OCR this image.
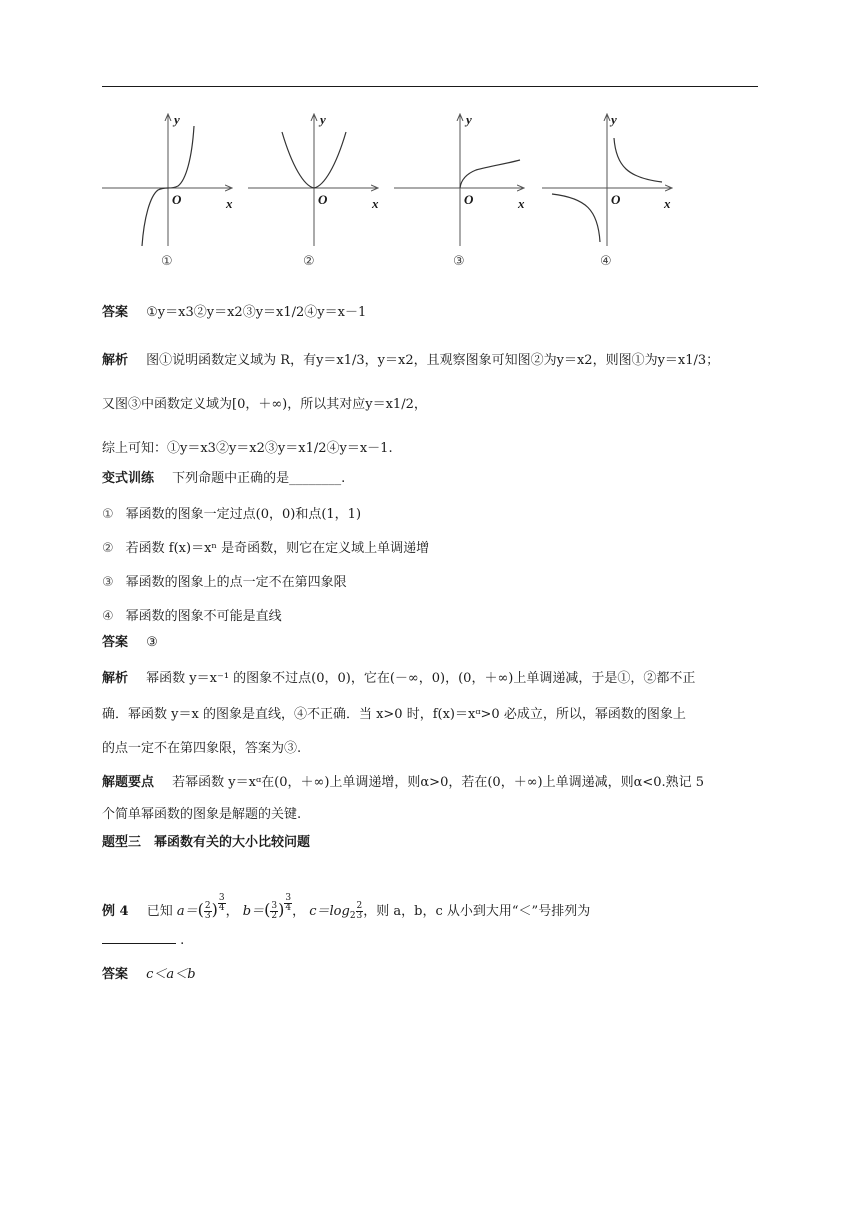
y
x
O
①
y
x
O
②
y
x
O
③
y
x
O
④
答案 ①y＝x3②y＝x2③y＝x1/2④y＝x－1
解析 图①说明函数定义域为 R，有y＝x1/3，y＝x2，且观察图象可知图②为y＝x2，则图①为y＝x1/3；
又图③中函数定义域为[0，＋∞)，所以其对应y＝x1/2，
综上可知：①y＝x3②y＝x2③y＝x1/2④y＝x－1.
变式训练 下列命题中正确的是________.
① 幂函数的图象一定过点(0，0)和点(1，1)
② 若函数 f(x)＝xⁿ 是奇函数，则它在定义域上单调递增
③ 幂函数的图象上的点一定不在第四象限
④ 幂函数的图象不可能是直线
答案 ③
解析 幂函数 y＝x⁻¹ 的图象不过点(0，0)，它在(－∞，0)，(0，＋∞)上单调递减，于是①，②都不正
确．幂函数 y＝x 的图象是直线，④不正确．当 x>0 时，f(x)＝xᵅ>0 必成立，所以，幂函数的图象上
的点一定不在第四象限，答案为③.
解题要点 若幂函数 y＝xᵅ在(0，＋∞)上单调递增，则α>0，若在(0，＋∞)上单调递减，则α<0.熟记 5
个简单幂函数的图象是解题的关键.
题型三　幂函数有关的大小比较问题
例 4 已知 $a=( \frac{2}{3}$ ) $^{\frac{3}{4}}$ ， $b=( \frac{3}{2}$ ) $^{\frac{3}{4}}$ ， $c=\log_2 \frac{2}{3}$ ，则 a，b，c 从小到大用“＜”号排列为
.
答案 c＜a＜b
